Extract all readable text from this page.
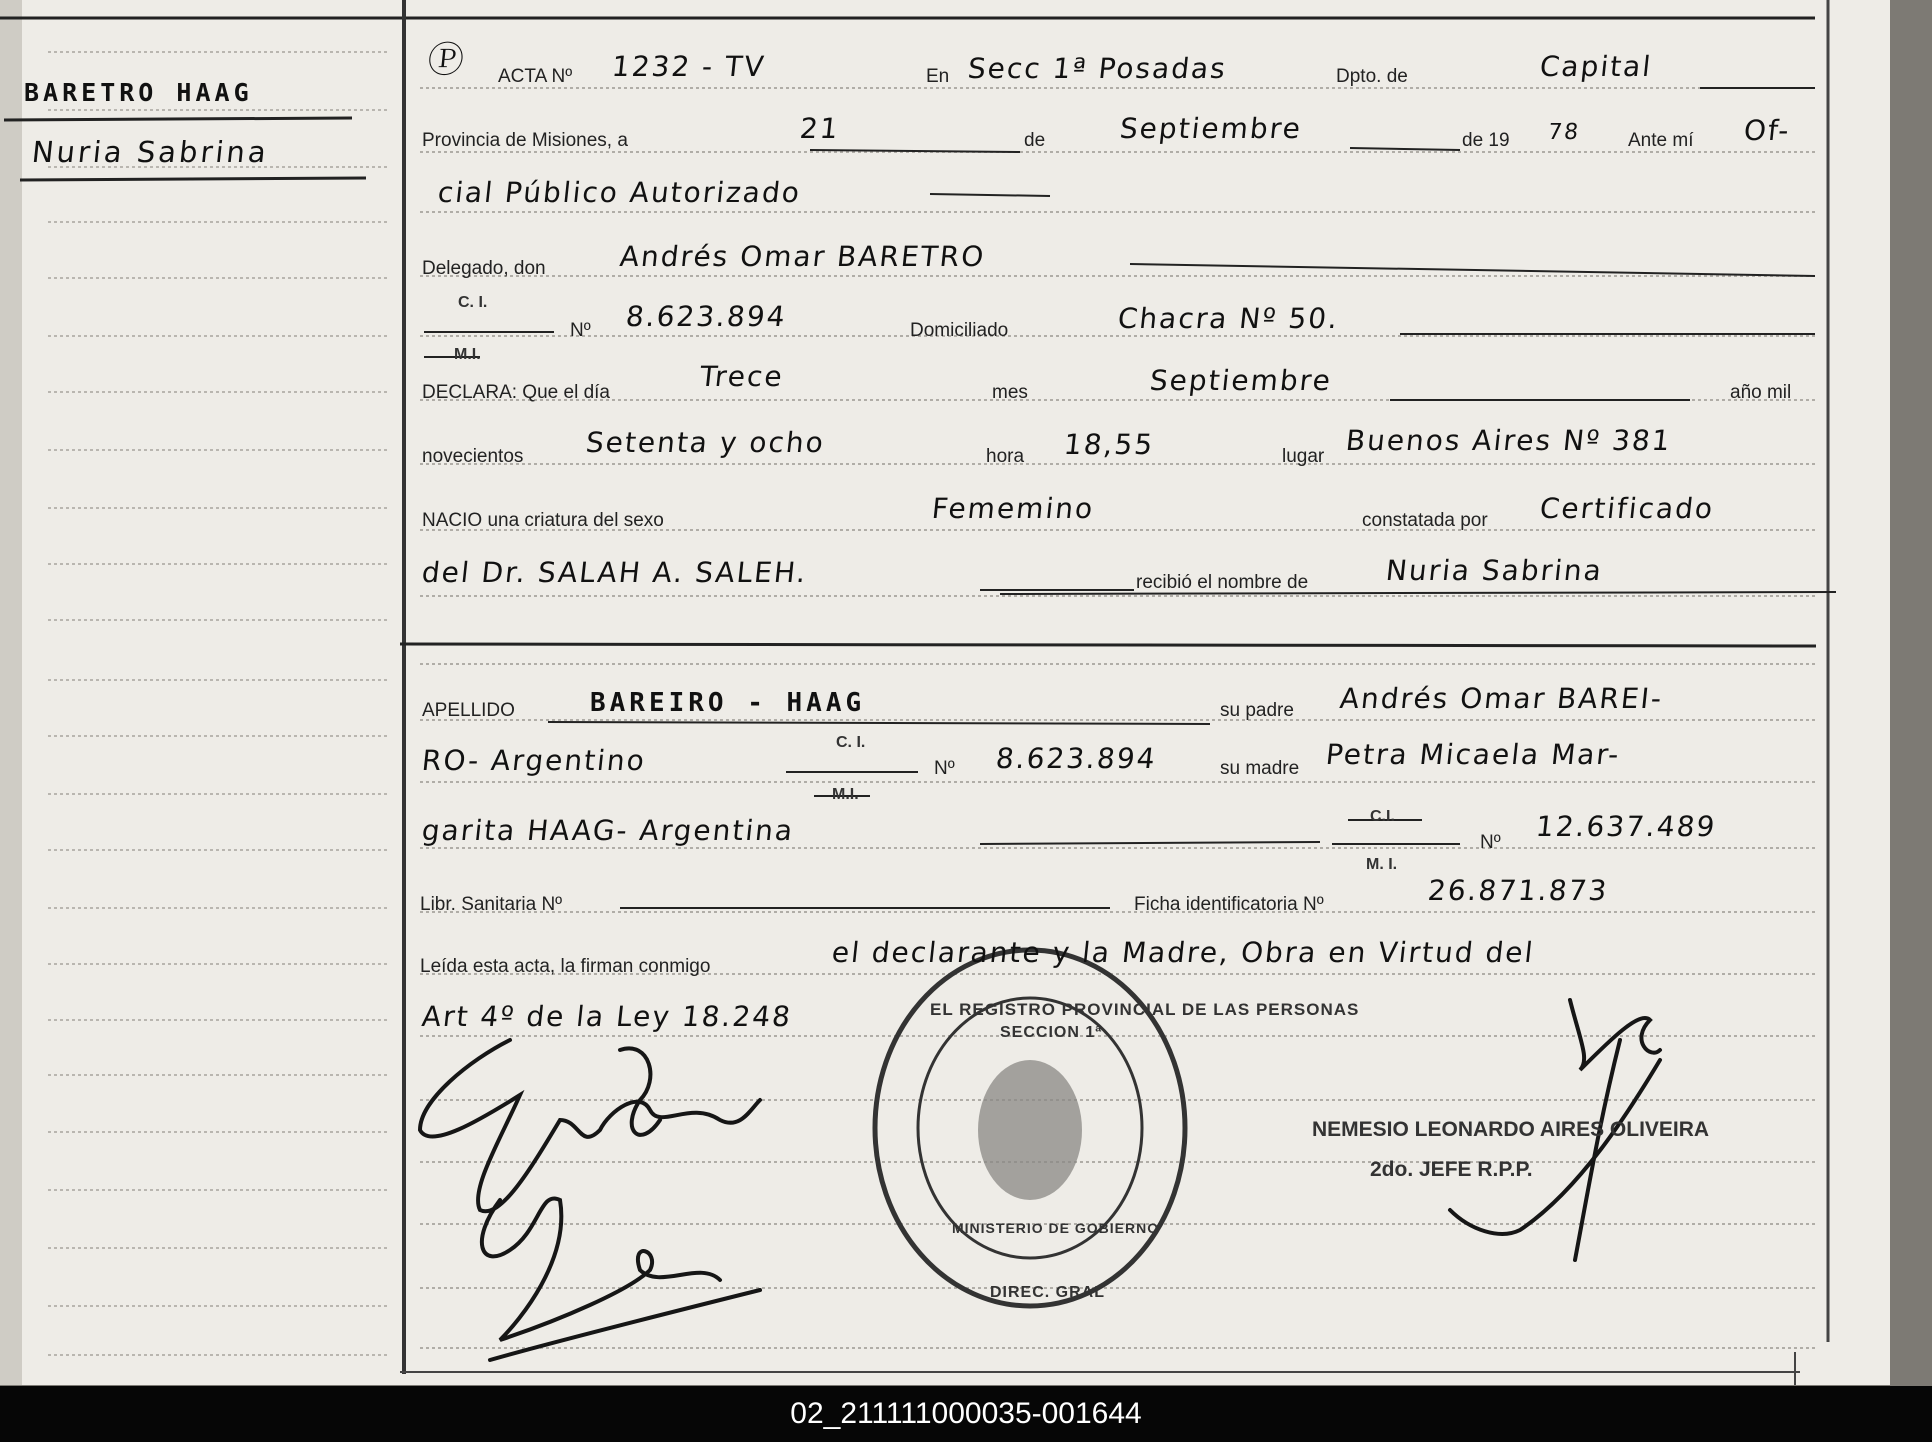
BARETRO HAAG
Nuria Sabrina
Ⓟ ACTA Nº 1232 - TV	En Secc 1ª Posadas	Dpto. de	Capital
Provincia de Misiones, a	21	de	Septiembre	de 19 78 Ante mí Of-
cial Público Autorizado
Delegado, don	Andrés Omar BARETRO
C. I.
Nº 8.623.894	Domiciliado	Chacra Nº 50.
M.I.
DECLARA: Que el día	Trece	mes	Septiembre	año mil
novecientos Setenta y ocho	hora 18,55	lugar Buenos Aires Nº 381
NACIO una criatura del sexo	Fememino	constatada por Certificado
del Dr. SALAH A. SALEH.	recibió el nombre de	Nuria Sabrina
APELLIDO	BAREIRO - HAAG	su padre Andrés Omar BAREI-
RO- Argentino
C. I.
Nº 8.623.894	su madre Petra Micaela Mar-
M.I.
garita HAAG- Argentina	C.I.
Nº 12.637.489
M. I.
Libr. Sanitaria Nº	Ficha identificatoria Nº	26.871.873
Leída esta acta, la firman conmigo	el declarante y la Madre, Obra en Virtud del
Art 4º de la Ley 18.248	EL REGISTRO PROVINCIAL DE LAS PERSONAS
SECCION 1ª
MINISTERIO DE GOBIERNO
DIREC. GRAL
NEMESIO LEONARDO AIRES OLIVEIRA
2do. JEFE R.P.P.
02_211111000035-001644
